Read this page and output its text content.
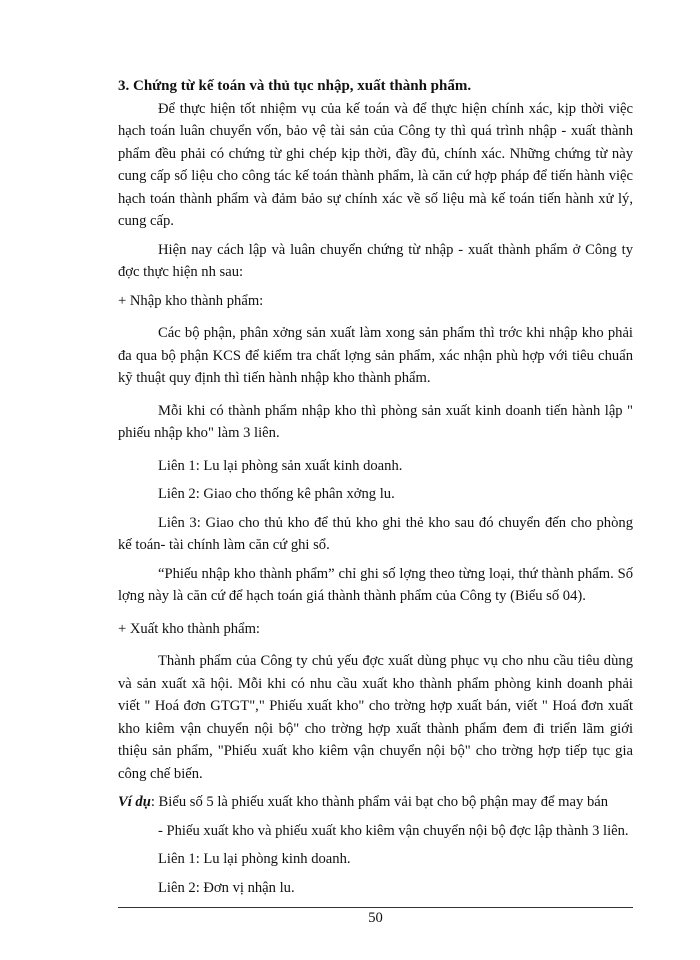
3. Chứng từ kế toán và thủ tục nhập, xuất thành phẩm.

Để thực hiện tốt nhiệm vụ của kế toán và để thực hiện chính xác, kịp thời việc hạch toán luân chuyển vốn, bảo vệ tài sản của Công ty thì quá trình nhập - xuất thành phẩm đều phải có chứng từ ghi chép kịp thời, đầy đủ, chính xác. Những chứng từ này cung cấp số liệu cho công tác kế toán thành phẩm, là căn cứ hợp pháp để tiến hành việc hạch toán thành phẩm và đảm bảo sự chính xác về số liệu mà kế toán tiến hành xử lý, cung cấp.

Hiện nay cách lập và luân chuyển chứng từ nhập - xuất thành phẩm ở Công ty đợc thực hiện nh sau:

+ Nhập kho thành phẩm:

Các bộ phận, phân xởng sản xuất làm xong sản phẩm thì trớc khi nhập kho phải đa qua bộ phận KCS để kiểm tra chất lợng sản phẩm, xác nhận phù hợp với tiêu chuẩn kỹ thuật quy định thì tiến hành nhập kho thành phẩm.

Mỗi khi có thành phẩm nhập kho thì phòng sản xuất kinh doanh tiến hành lập " phiếu nhập kho" làm 3 liên.

Liên 1: Lu lại phòng sản xuất kinh doanh.

Liên 2: Giao cho thống kê phân xởng lu.

Liên 3: Giao cho thủ kho để thủ kho ghi thẻ kho sau đó chuyển đến cho phòng kế toán- tài chính làm căn cứ ghi sổ.

“Phiếu nhập kho thành phẩm” chỉ ghi số lợng theo từng loại, thứ thành phẩm. Số lợng này là căn cứ để hạch toán giá thành thành phẩm của Công ty (Biểu số 04).

+ Xuất kho thành phẩm:

Thành phẩm của Công ty chủ yếu đợc xuất dùng phục vụ cho nhu cầu tiêu dùng và sản xuất xã hội. Mỗi khi có nhu cầu xuất kho thành phẩm phòng kinh doanh phải viết " Hoá đơn GTGT"," Phiếu xuất kho" cho trờng hợp xuất bán, viết " Hoá đơn xuất kho kiêm vận chuyển nội bộ" cho trờng hợp xuất thành phẩm đem đi triển lãm giới thiệu sản phẩm, "Phiếu xuất kho kiêm vận chuyển nội bộ" cho trờng hợp tiếp tục gia công chế biến.

Ví dụ: Biểu số 5 là phiếu xuất kho thành phẩm vải bạt cho bộ phận may để may bán

- Phiếu xuất kho và phiếu xuất kho kiêm vận chuyển nội bộ đợc lập thành 3 liên.

Liên 1: Lu lại phòng kinh doanh.

Liên 2: Đơn vị nhận lu.

50
